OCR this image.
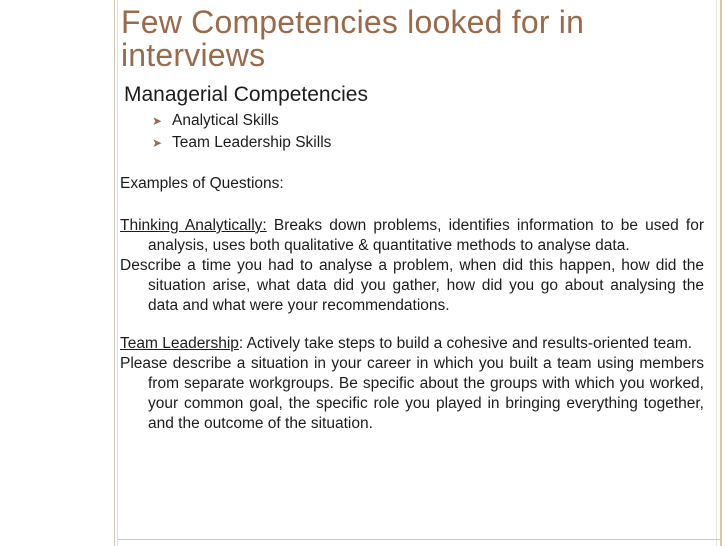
Few Competencies looked for in interviews
Managerial Competencies
➤ Analytical Skills
➤ Team Leadership Skills

Examples of Questions:

Thinking Analytically: Breaks down problems, identifies information to be used for analysis, uses both qualitative & quantitative methods to analyse data.

Describe a time you had to analyse a problem, when did this happen, how did the situation arise, what data did you gather, how did you go about analysing the data and what were your recommendations.

Team Leadership: Actively take steps to build a cohesive and results-oriented team.

Please describe a situation in your career in which you built a team using members from separate workgroups. Be specific about the groups with which you worked, your common goal, the specific role you played in bringing everything together, and the outcome of the situation.
